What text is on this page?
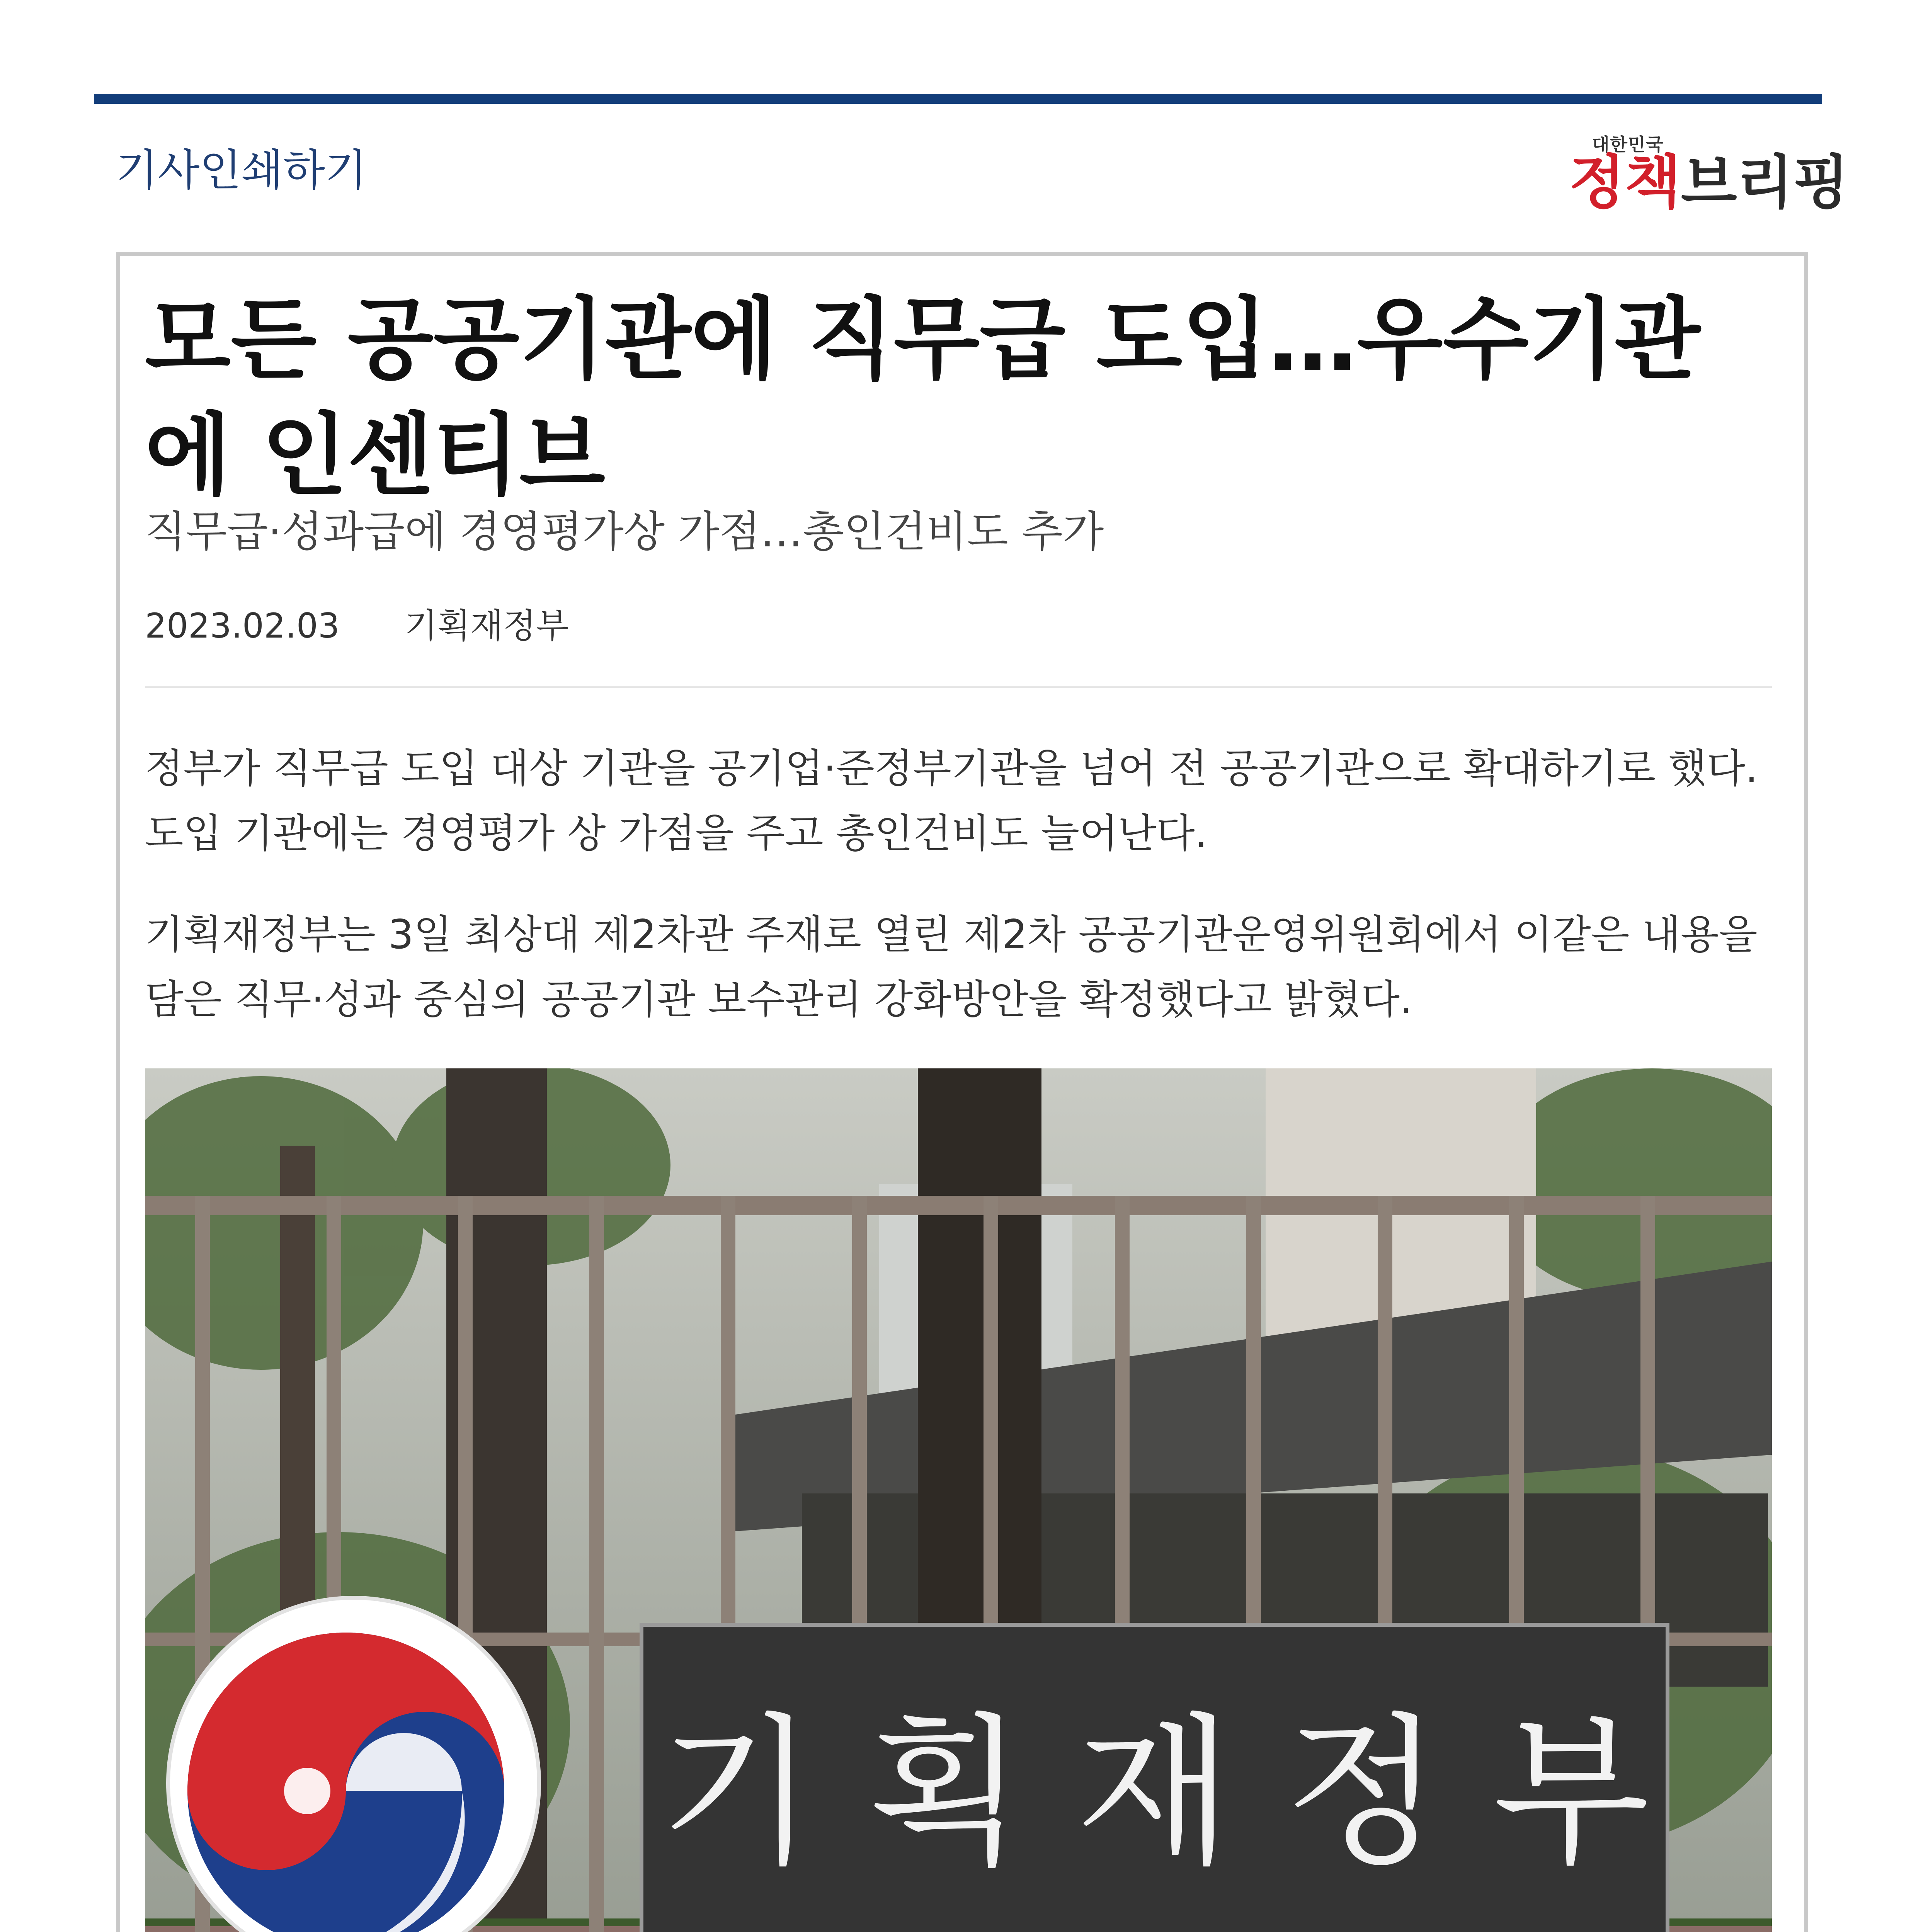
기사인쇄하기
대한민국
정책브리핑
모든 공공기관에 직무급 도입…우수기관에 인센티브
직무급·성과급에 경영평가상 가점…총인건비도 추가
2023.02.03 기획재정부

정부가 직무급 도입 대상 기관을 공기업·준정부기관을 넘어 전 공공기관으로 확대하기로 했다. 도입 기관에는 경영평가 상 가점을 주고 총인건비도 늘어난다.

기획재정부는 3일 최상대 제2차관 주재로 열린 제2차 공공기관운영위원회에서 이같은 내용을 담은 직무·성과 중심의 공공기관 보수관리 강화방안을 확정했다고 밝혔다.

기 획 재 정 부
